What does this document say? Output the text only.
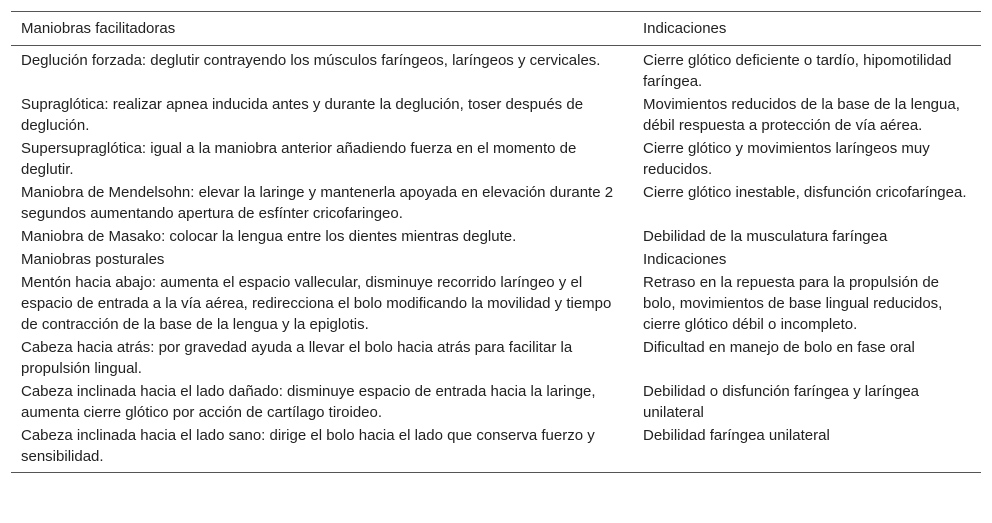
Maniobras facilitadoras	Indicaciones
Deglución forzada: deglutir contrayendo los músculos faríngeos, laríngeos y cervicales.	Cierre glótico deficiente o tardío, hipomotilidad faríngea.
Supraglótica: realizar apnea inducida antes y durante la deglución, toser después de deglución.	Movimientos reducidos de la base de la lengua, débil respuesta a protección de vía aérea.
Supersupraglótica: igual a la maniobra anterior añadiendo fuerza en el momento de deglutir.	Cierre glótico y movimientos laríngeos muy reducidos.
Maniobra de Mendelsohn: elevar la laringe y mantenerla apoyada en elevación durante 2 segundos aumentando apertura de esfínter cricofaringeo.	Cierre glótico inestable, disfunción cricofaríngea.
Maniobra de Masako: colocar la lengua entre los dientes mientras deglute.	Debilidad de la musculatura faríngea
Maniobras posturales	Indicaciones
Mentón hacia abajo: aumenta el espacio vallecular, disminuye recorrido laríngeo y el espacio de entrada a la vía aérea, redirecciona el bolo modificando la movilidad y tiempo de contracción de la base de la lengua y la epiglotis.	Retraso en la repuesta para la propulsión de bolo, movimientos de base lingual reducidos, cierre glótico débil o incompleto.
Cabeza hacia atrás: por gravedad ayuda a llevar el bolo hacia atrás para facilitar la propulsión lingual.	Dificultad en manejo de bolo en fase oral
Cabeza inclinada hacia el lado dañado: disminuye espacio de entrada hacia la laringe, aumenta cierre glótico por acción de cartílago tiroideo.	Debilidad o disfunción faríngea y laríngea unilateral
Cabeza inclinada hacia el lado sano: dirige el bolo hacia el lado que conserva fuerzo y sensibilidad.	Debilidad faríngea unilateral
